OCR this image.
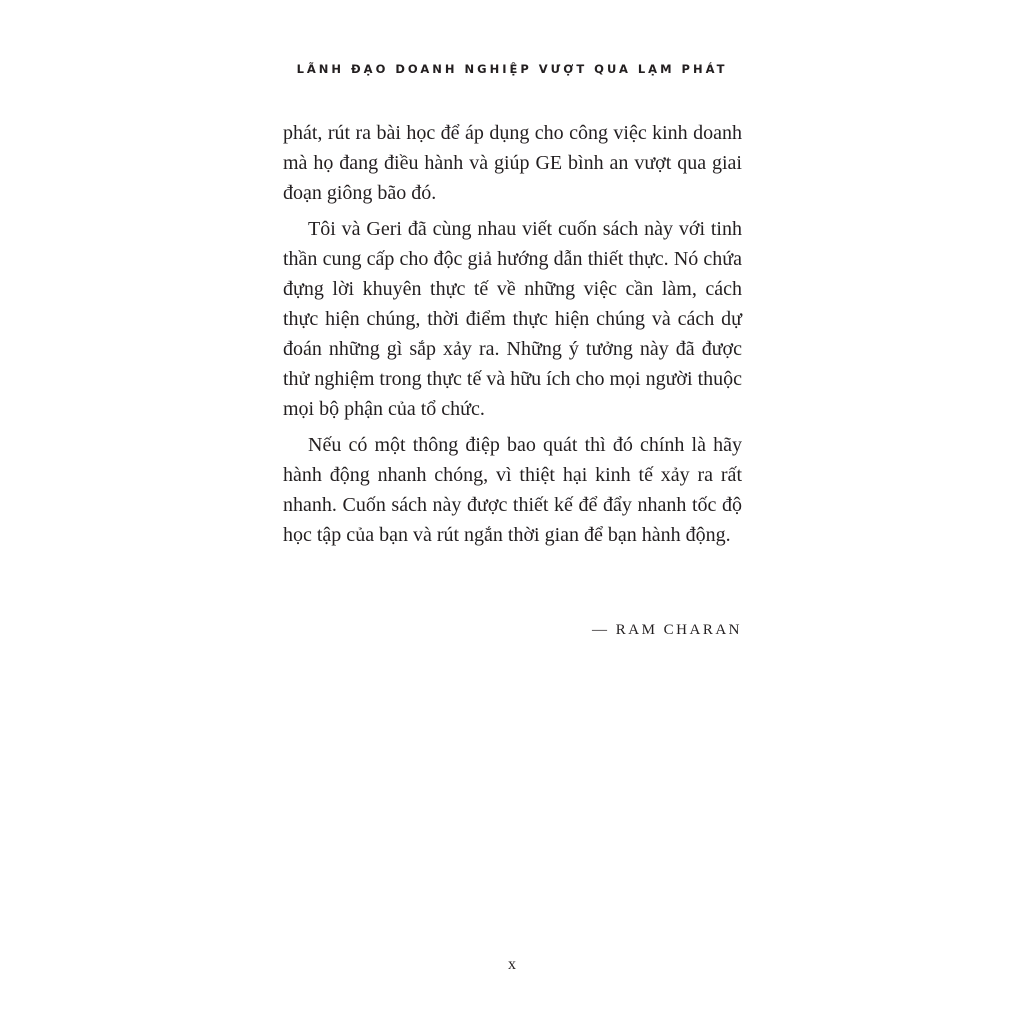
LÃNH ĐẠO DOANH NGHIỆP VƯỢT QUA LẠM PHÁT

phát, rút ra bài học để áp dụng cho công việc kinh doanh mà họ đang điều hành và giúp GE bình an vượt qua giai đoạn giông bão đó.

Tôi và Geri đã cùng nhau viết cuốn sách này với tinh thần cung cấp cho độc giả hướng dẫn thiết thực. Nó chứa đựng lời khuyên thực tế về những việc cần làm, cách thực hiện chúng, thời điểm thực hiện chúng và cách dự đoán những gì sắp xảy ra. Những ý tưởng này đã được thử nghiệm trong thực tế và hữu ích cho mọi người thuộc mọi bộ phận của tổ chức.

Nếu có một thông điệp bao quát thì đó chính là hãy hành động nhanh chóng, vì thiệt hại kinh tế xảy ra rất nhanh. Cuốn sách này được thiết kế để đẩy nhanh tốc độ học tập của bạn và rút ngắn thời gian để bạn hành động.

— RAM CHARAN
x
